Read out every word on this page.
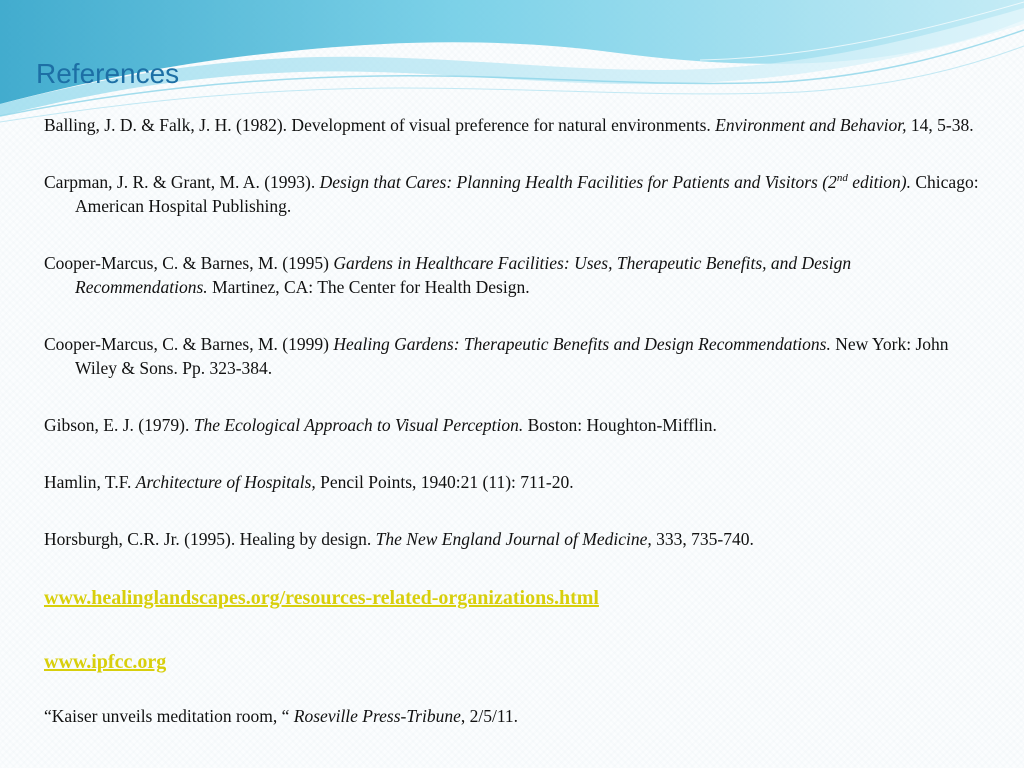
References
Balling, J. D. & Falk, J. H. (1982). Development of visual preference for natural environments. Environment and Behavior, 14, 5-38.
Carpman, J. R. & Grant, M. A. (1993). Design that Cares: Planning Health Facilities for Patients and Visitors (2nd edition). Chicago: American Hospital Publishing.
Cooper-Marcus, C. & Barnes, M. (1995) Gardens in Healthcare Facilities: Uses, Therapeutic Benefits, and Design Recommendations. Martinez, CA: The Center for Health Design.
Cooper-Marcus, C. & Barnes, M. (1999) Healing Gardens: Therapeutic Benefits and Design Recommendations. New York: John Wiley & Sons. Pp. 323-384.
Gibson, E. J. (1979). The Ecological Approach to Visual Perception. Boston: Houghton-Mifflin.
Hamlin, T.F. Architecture of Hospitals, Pencil Points, 1940:21 (11): 711-20.
Horsburgh, C.R. Jr. (1995). Healing by design. The New England Journal of Medicine, 333, 735-740.
www.healinglandscapes.org/resources-related-organizations.html
www.ipfcc.org
“Kaiser unveils meditation room, “ Roseville Press-Tribune, 2/5/11.
